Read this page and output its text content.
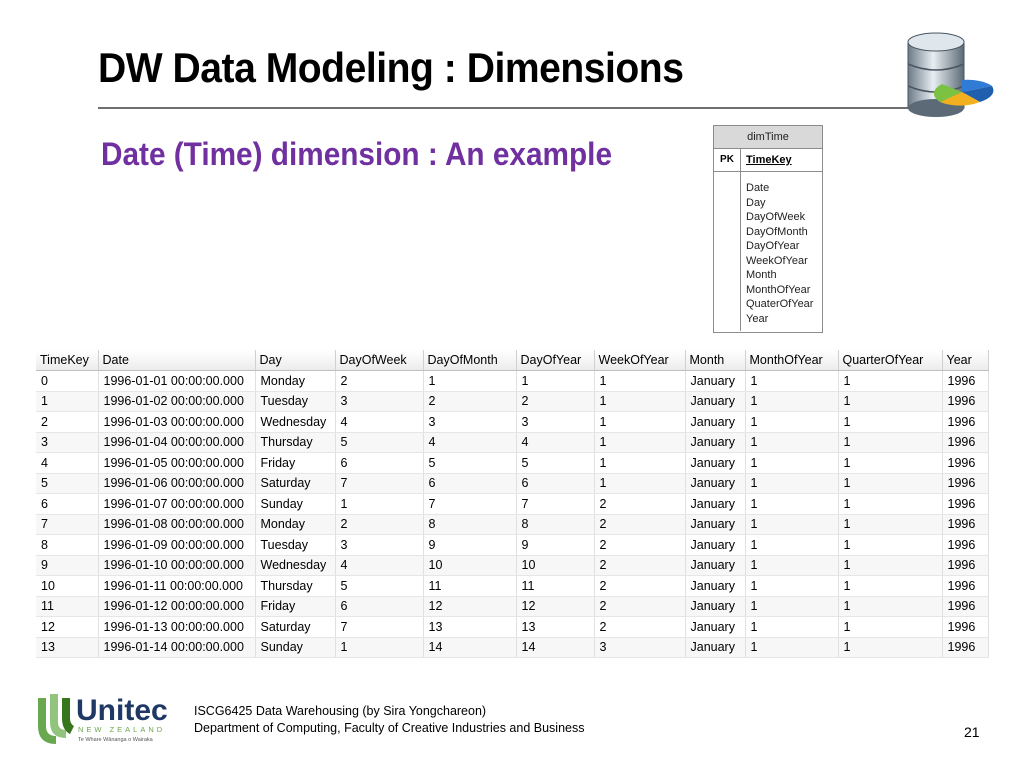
DW Data Modeling : Dimensions
Date (Time) dimension : An example	dimTime
PK	TimeKey
Date
Day
DayOfWeek
DayOfMonth
DayOfYear
WeekOfYear
Month
MonthOfYear
QuaterOfYear
Year
TimeKey	Date	Day	DayOfWeek	DayOfMonth	DayOfYear	WeekOfYear	Month	MonthOfYear	QuarterOfYear	Year
0	1996-01-01 00:00:00.000	Monday	2	1	1	1	January	1	1	1996
1	1996-01-02 00:00:00.000	Tuesday	3	2	2	1	January	1	1	1996
2	1996-01-03 00:00:00.000	Wednesday	4	3	3	1	January	1	1	1996
3	1996-01-04 00:00:00.000	Thursday	5	4	4	1	January	1	1	1996
4	1996-01-05 00:00:00.000	Friday	6	5	5	1	January	1	1	1996
5	1996-01-06 00:00:00.000	Saturday	7	6	6	1	January	1	1	1996
6	1996-01-07 00:00:00.000	Sunday	1	7	7	2	January	1	1	1996
7	1996-01-08 00:00:00.000	Monday	2	8	8	2	January	1	1	1996
8	1996-01-09 00:00:00.000	Tuesday	3	9	9	2	January	1	1	1996
9	1996-01-10 00:00:00.000	Wednesday	4	10	10	2	January	1	1	1996
10	1996-01-11 00:00:00.000	Thursday	5	11	11	2	January	1	1	1996
11	1996-01-12 00:00:00.000	Friday	6	12	12	2	January	1	1	1996
12	1996-01-13 00:00:00.000	Saturday	7	13	13	2	January	1	1	1996
13	1996-01-14 00:00:00.000	Sunday	1	14	14	3	January	1	1	1996
Unitec
NEW ZEALAND
Te Whare Wānanga o Wairaka
ISCG6425 Data Warehousing (by Sira Yongchareon)
Department of Computing, Faculty of Creative Industries and Business	21
